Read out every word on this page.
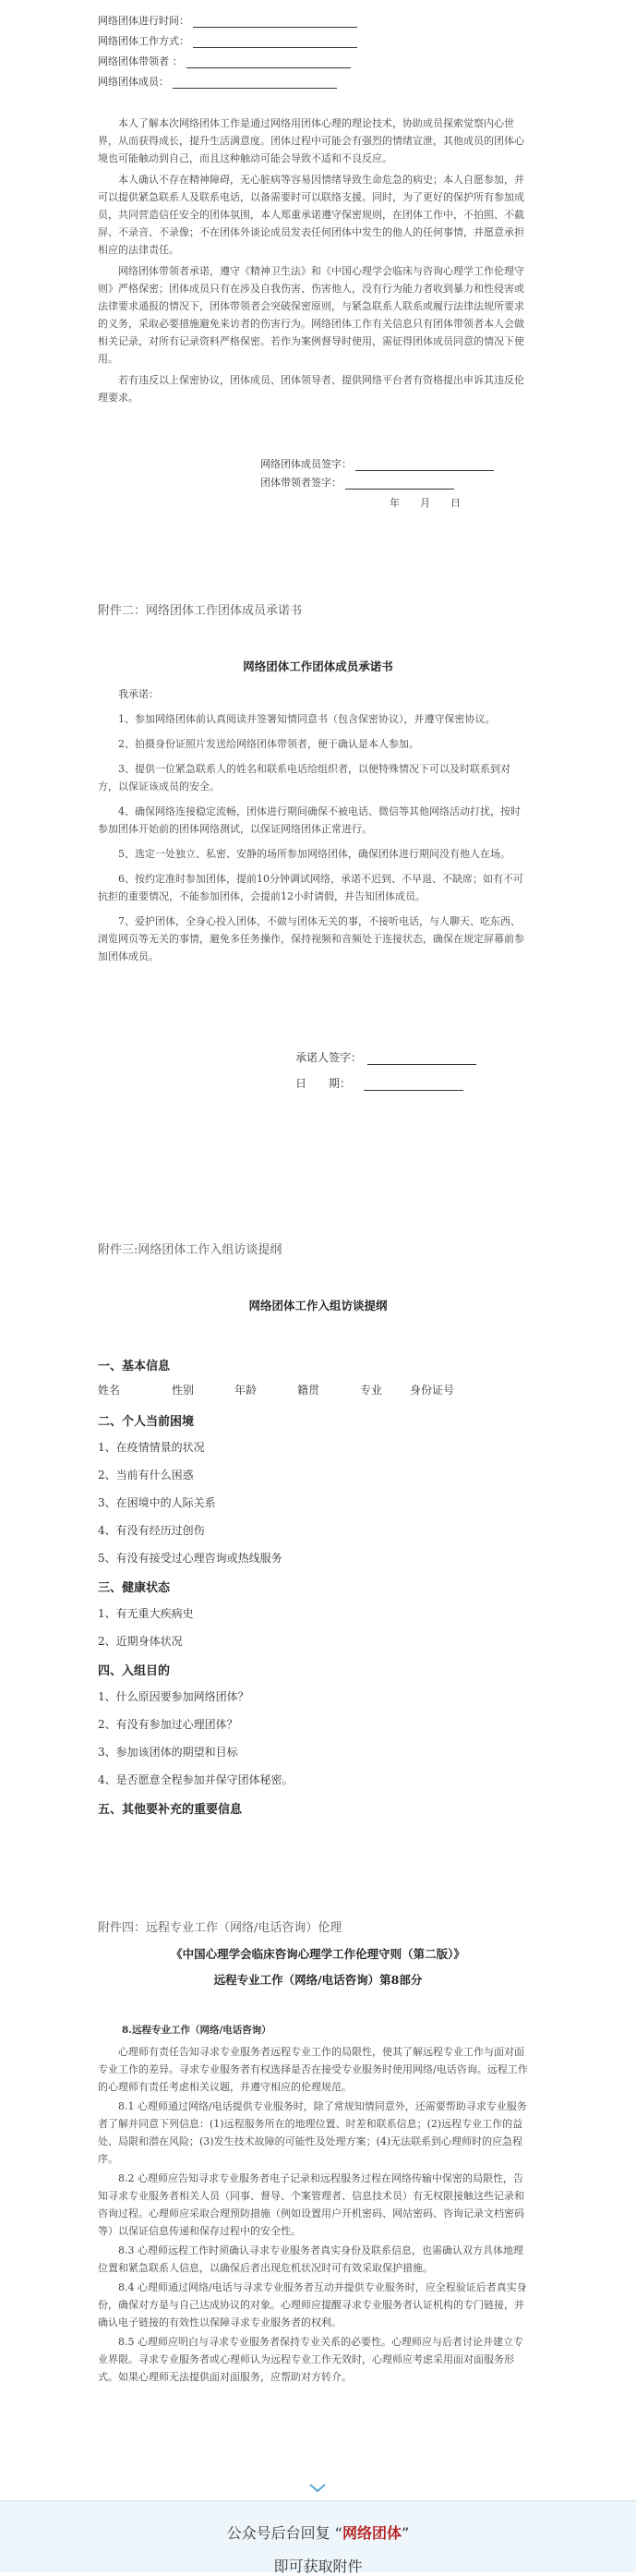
网络团体进行时间：
网络团体工作方式：
网络团体带领者 ：
网络团体成员：

本人了解本次网络团体工作是通过网络用团体心理的理论技术，协助成员探索觉察内心世界，从而获得成长，提升生活满意度。团体过程中可能会有强烈的情绪宣泄，其他成员的团体心境也可能触动到自己，而且这种触动可能会导致不适和不良反应。

本人确认不存在精神障碍，无心脏病等容易因情绪导致生命危急的病史；本人自愿参加，并可以提供紧急联系人及联系电话，以备需要时可以联络支援。同时，为了更好的保护所有参加成员，共同营造信任安全的团体氛围，本人郑重承诺遵守保密规则，在团体工作中，不拍照、不截屏、不录音、不录像；不在团体外谈论成员发表任何团体中发生的他人的任何事情，并愿意承担相应的法律责任。

网络团体带领者承诺，遵守《精神卫生法》和《中国心理学会临床与咨询心理学工作伦理守则》严格保密；团体成员只有在涉及自我伤害、伤害他人，没有行为能力者收到暴力和性侵害或法律要求通报的情况下，团体带领者会突破保密原则，与紧急联系人联系或履行法律法规所要求的义务，采取必要措施避免来访者的伤害行为。网络团体工作有关信息只有团体带领者本人会做相关记录，对所有记录资料严格保密。若作为案例督导时使用，需征得团体成员同意的情况下使用。

若有违反以上保密协议，团体成员、团体领导者、提供网络平台者有资格提出申诉其违反伦理要求。

网络团体成员签字：
团体带领者签字：
年　　月　　日
附件二：网络团体工作团体成员承诺书
网络团体工作团体成员承诺书

我承诺：

1、参加网络团体前认真阅读并签署知情同意书（包含保密协议），并遵守保密协议。

2、拍摄身份证照片发送给网络团体带领者，便于确认是本人参加。

3、提供一位紧急联系人的姓名和联系电话给组织者，以便特殊情况下可以及时联系到对方，以保证该成员的安全。

4、确保网络连接稳定流畅，团体进行期间确保不被电话、微信等其他网络活动打扰，按时参加团体开始前的团体网络测试，以保证网络团体正常进行。

5、选定一处独立、私密、安静的场所参加网络团体，确保团体进行期间没有他人在场。

6、按约定准时参加团体，提前10分钟调试网络，承诺不迟到、不早退、不缺席；如有不可抗拒的重要情况，不能参加团体，会提前12小时请假，并告知团体成员。

7、爱护团体，全身心投入团体，不做与团体无关的事，不接听电话，与人聊天、吃东西、浏览网页等无关的事情，避免多任务操作，保持视频和音频处于连接状态，确保在规定屏幕前参加团体成员。

承诺人签字：
日　　期：
附件三:网络团体工作入组访谈提纲
网络团体工作入组访谈提纲
一、基本信息
姓名	性别	年龄	籍贯	专业 身份证号
二、个人当前困境
1、在疫情情景的状况
2、当前有什么困惑
3、在困境中的人际关系
4、有没有经历过创伤
5、有没有接受过心理咨询或热线服务
三、健康状态
1、有无重大疾病史
2、近期身体状况
四、入组目的
1、什么原因要参加网络团体？
2、有没有参加过心理团体？
3、参加该团体的期望和目标
4、是否愿意全程参加并保守团体秘密。
五、其他要补充的重要信息
附件四：远程专业工作（网络/电话咨询）伦理
《中国心理学会临床咨询心理学工作伦理守则（第二版）》
远程专业工作（网络/电话咨询）第8部分
8.远程专业工作（网络/电话咨询）

心理师有责任告知寻求专业服务者远程专业工作的局限性，使其了解远程专业工作与面对面专业工作的差异。寻求专业服务者有权选择是否在接受专业服务时使用网络/电话咨询。远程工作的心理师有责任考虑相关议题，并遵守相应的伦理规范。

8.1 心理师通过网络/电话提供专业服务时，除了常规知情同意外，还需要帮助寻求专业服务者了解并同意下列信息：(1)远程服务所在的地理位置、时差和联系信息；(2)远程专业工作的益处、局限和潜在风险；(3)发生技术故障的可能性及处理方案；(4)无法联系到心理师时的应急程序。

8.2 心理师应告知寻求专业服务者电子记录和远程服务过程在网络传输中保密的局限性，告知寻求专业服务者相关人员（同事、督导、个案管理者、信息技术员）有无权限接触这些记录和咨询过程。心理师应采取合理预防措施（例如设置用户开机密码、网站密码、咨询记录文档密码等）以保证信息传递和保存过程中的安全性。

8.3 心理师远程工作时须确认寻求专业服务者真实身份及联系信息，也需确认双方具体地理位置和紧急联系人信息，以确保后者出现危机状况时可有效采取保护措施。

8.4 心理师通过网络/电话与寻求专业服务者互动并提供专业服务时，应全程验证后者真实身份，确保对方是与自己达成协议的对象。心理师应提醒寻求专业服务者认证机构的专门链接，并确认电子链接的有效性以保障寻求专业服务者的权利。

8.5 心理师应明白与寻求专业服务者保持专业关系的必要性。心理师应与后者讨论并建立专业界限。寻求专业服务者或心理师认为远程专业工作无效时，心理师应考虑采用面对面服务形式。如果心理师无法提供面对面服务，应帮助对方转介。

公众号后台回复 “网络团体”
即可获取附件
